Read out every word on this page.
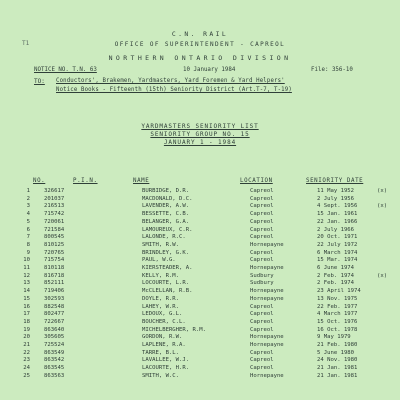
T1
C.N. RAIL
OFFICE OF SUPERINTENDENT - CAPREOL
NORTHERN ONTARIO DIVISION
NOTICE NO. T.N. 63	10 January 1984	File: 356-10
TO: Conductors', Brakemen, Yardmasters, Yard Foremen & Yard Helpers'
Notice Books - Fifteenth (15th) Seniority District (Art.T-7, T-19)
YARDMASTERS SENIORITY LIST
SENIORITY GROUP NO. 15
JANUARY 1 - 1984
NO.	P.I.N.	NAME	LOCATION	SENIORITY DATE
1	326617	BURBIDGE, D.R.	Capreol	11 May 1952	(x)
2	201037	MACDONALD, D.C.	Capreol	2 July 1956	
3	216513	LAVENDER, A.W.	Capreol	4 Sept. 1956	(x)
4	715742	BESSETTE, C.B.	Capreol	15 Jan. 1961	
5	720061	BELANGER, G.A.	Capreol	22 Jan. 1966	
6	721584	LAMOUREUX, C.R.	Capreol	2 July 1966	
7	800545	LALONDE, R.C.	Capreol	20 Oct. 1971	
8	810125	SMITH, R.W.	Hornepayne	22 July 1972	
9	720765	BRINDLEY, G.K.	Capreol	6 March 1974	
10	715754	PAUL, W.G.	Capreol	15 Mar. 1974	
11	810118	KIERSTEADER, A.	Hornepayne	6 June 1974	
12	816718	KELLY, R.M.	Sudbury	2 Feb. 1974	(x)
13	852111	LOCOURTE, L.R.	Sudbury	2 Feb. 1974	
14	719406	McCLELLAN, R.B.	Hornepayne	23 April 1974	
15	302593	DOYLE, R.R.	Hornepayne	13 Nov. 1975	
16	882548	LAHEY, W.R.	Capreol	22 Feb. 1977	
17	802477	LEDOUX, G.L.	Capreol	4 March 1977	
18	722667	BOUCHER, C.L.	Capreol	15 Oct. 1976	
19	863640	MICHELBERGHER, R.M.	Capreol	16 Oct. 1978	
20	305605	GORDON, R.W.	Hornepayne	9 May 1979	
21	725524	LAPLENE, R.A.	Hornepayne	21 Feb. 1980	
22	863549	TARRE, B.L.	Capreol	5 June 1980	
23	863542	LAVALLEE, W.J.	Capreol	24 Nov. 1980	
24	863545	LACOURTE, H.R.	Capreol	21 Jan. 1981	
25	863563	SMITH, W.C.	Hornepayne	21 Jan. 1981	
